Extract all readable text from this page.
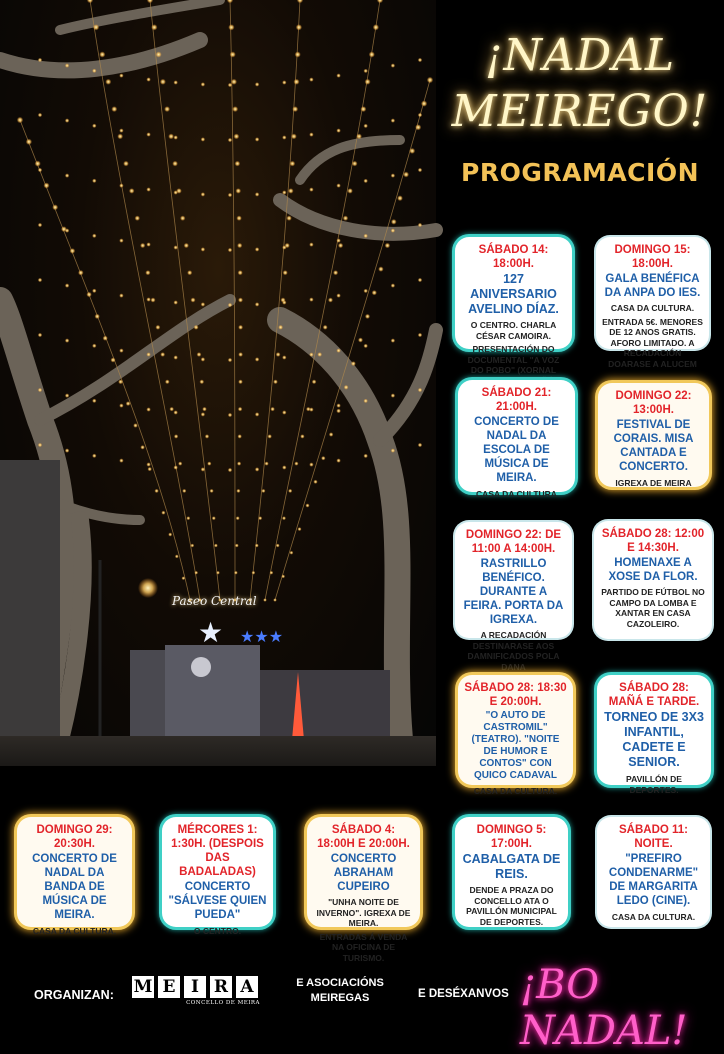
★ ★★★
Paseo Central
¡NADAL
MEIREGO!
PROGRAMACIÓN
SÁBADO 14: 18:00H.
127 ANIVERSARIO AVELINO DÍAZ.
O CENTRO. CHARLA CÉSAR CAMOIRA.
PRESENTACIÓN DO DOCUMENTAL "A VOZ DO POBO" (XORNAL
DOMINGO 15: 18:00H.
GALA BENÉFICA DA ANPA DO IES.
CASA DA CULTURA.
ENTRADA 5€. MENORES DE 12 ANOS GRATIS. AFORO LIMITADO. A RECADACIÓN DOARASE A ALUCEM
SÁBADO 21: 21:00H.
CONCERTO DE NADAL DA ESCOLA DE MÚSICA DE MEIRA.
CASA DA CULTURA
DOMINGO 22: 13:00H.
FESTIVAL DE CORAIS. MISA CANTADA E CONCERTO.
IGREXA DE MEIRA
DOMINGO 22: DE 11:00 A 14:00H.
RASTRILLO BENÉFICO. DURANTE A FEIRA. PORTA DA IGREXA.
A RECADACIÓN DESTINARASE AOS DAMNIFICADOS POLA DANA
SÁBADO 28: 12:00 E 14:30H.
HOMENAXE A XOSE DA FLOR.
PARTIDO DE FÚTBOL NO CAMPO DA LOMBA E XANTAR EN CASA CAZOLEIRO.
SÁBADO 28: 18:30 E 20:00H.
"O AUTO DE CASTROMIL" (TEATRO). "NOITE DE HUMOR E CONTOS" CON QUICO CADAVAL
CASA DA CULTURA.
SÁBADO 28: MAÑÁ E TARDE.
TORNEO DE 3X3 INFANTIL, CADETE E SENIOR.
PAVILLÓN DE DEPORTES.
DOMINGO 29: 20:30H.
CONCERTO DE NADAL DA BANDA DE MÚSICA DE MEIRA.
CASA DA CULTURA.
MÉRCORES 1: 1:30H. (DESPOIS DAS BADALADAS)
CONCERTO "SÁLVESE QUIEN PUEDA"
O CENTRO.
SÁBADO 4: 18:00H E 20:00H.
CONCERTO ABRAHAM CUPEIRO
"UNHA NOITE DE INVERNO". IGREXA DE MEIRA.
ENTRADAS Á VENDA NA OFICINA DE TURISMO.
DOMINGO 5: 17:00H.
CABALGATA DE REIS.
DENDE A PRAZA DO CONCELLO ATA O PAVILLÓN MUNICIPAL DE DEPORTES.
SÁBADO 11: NOITE.
"PREFIRO CONDENARME" DE MARGARITA LEDO (CINE).
CASA DA CULTURA.
ORGANIZAN: M E I R A
CONCELLO DE MEIRA
E ASOCIACIÓNS MEIREGAS	E DESÉXANVOS ¡BO NADAL!
